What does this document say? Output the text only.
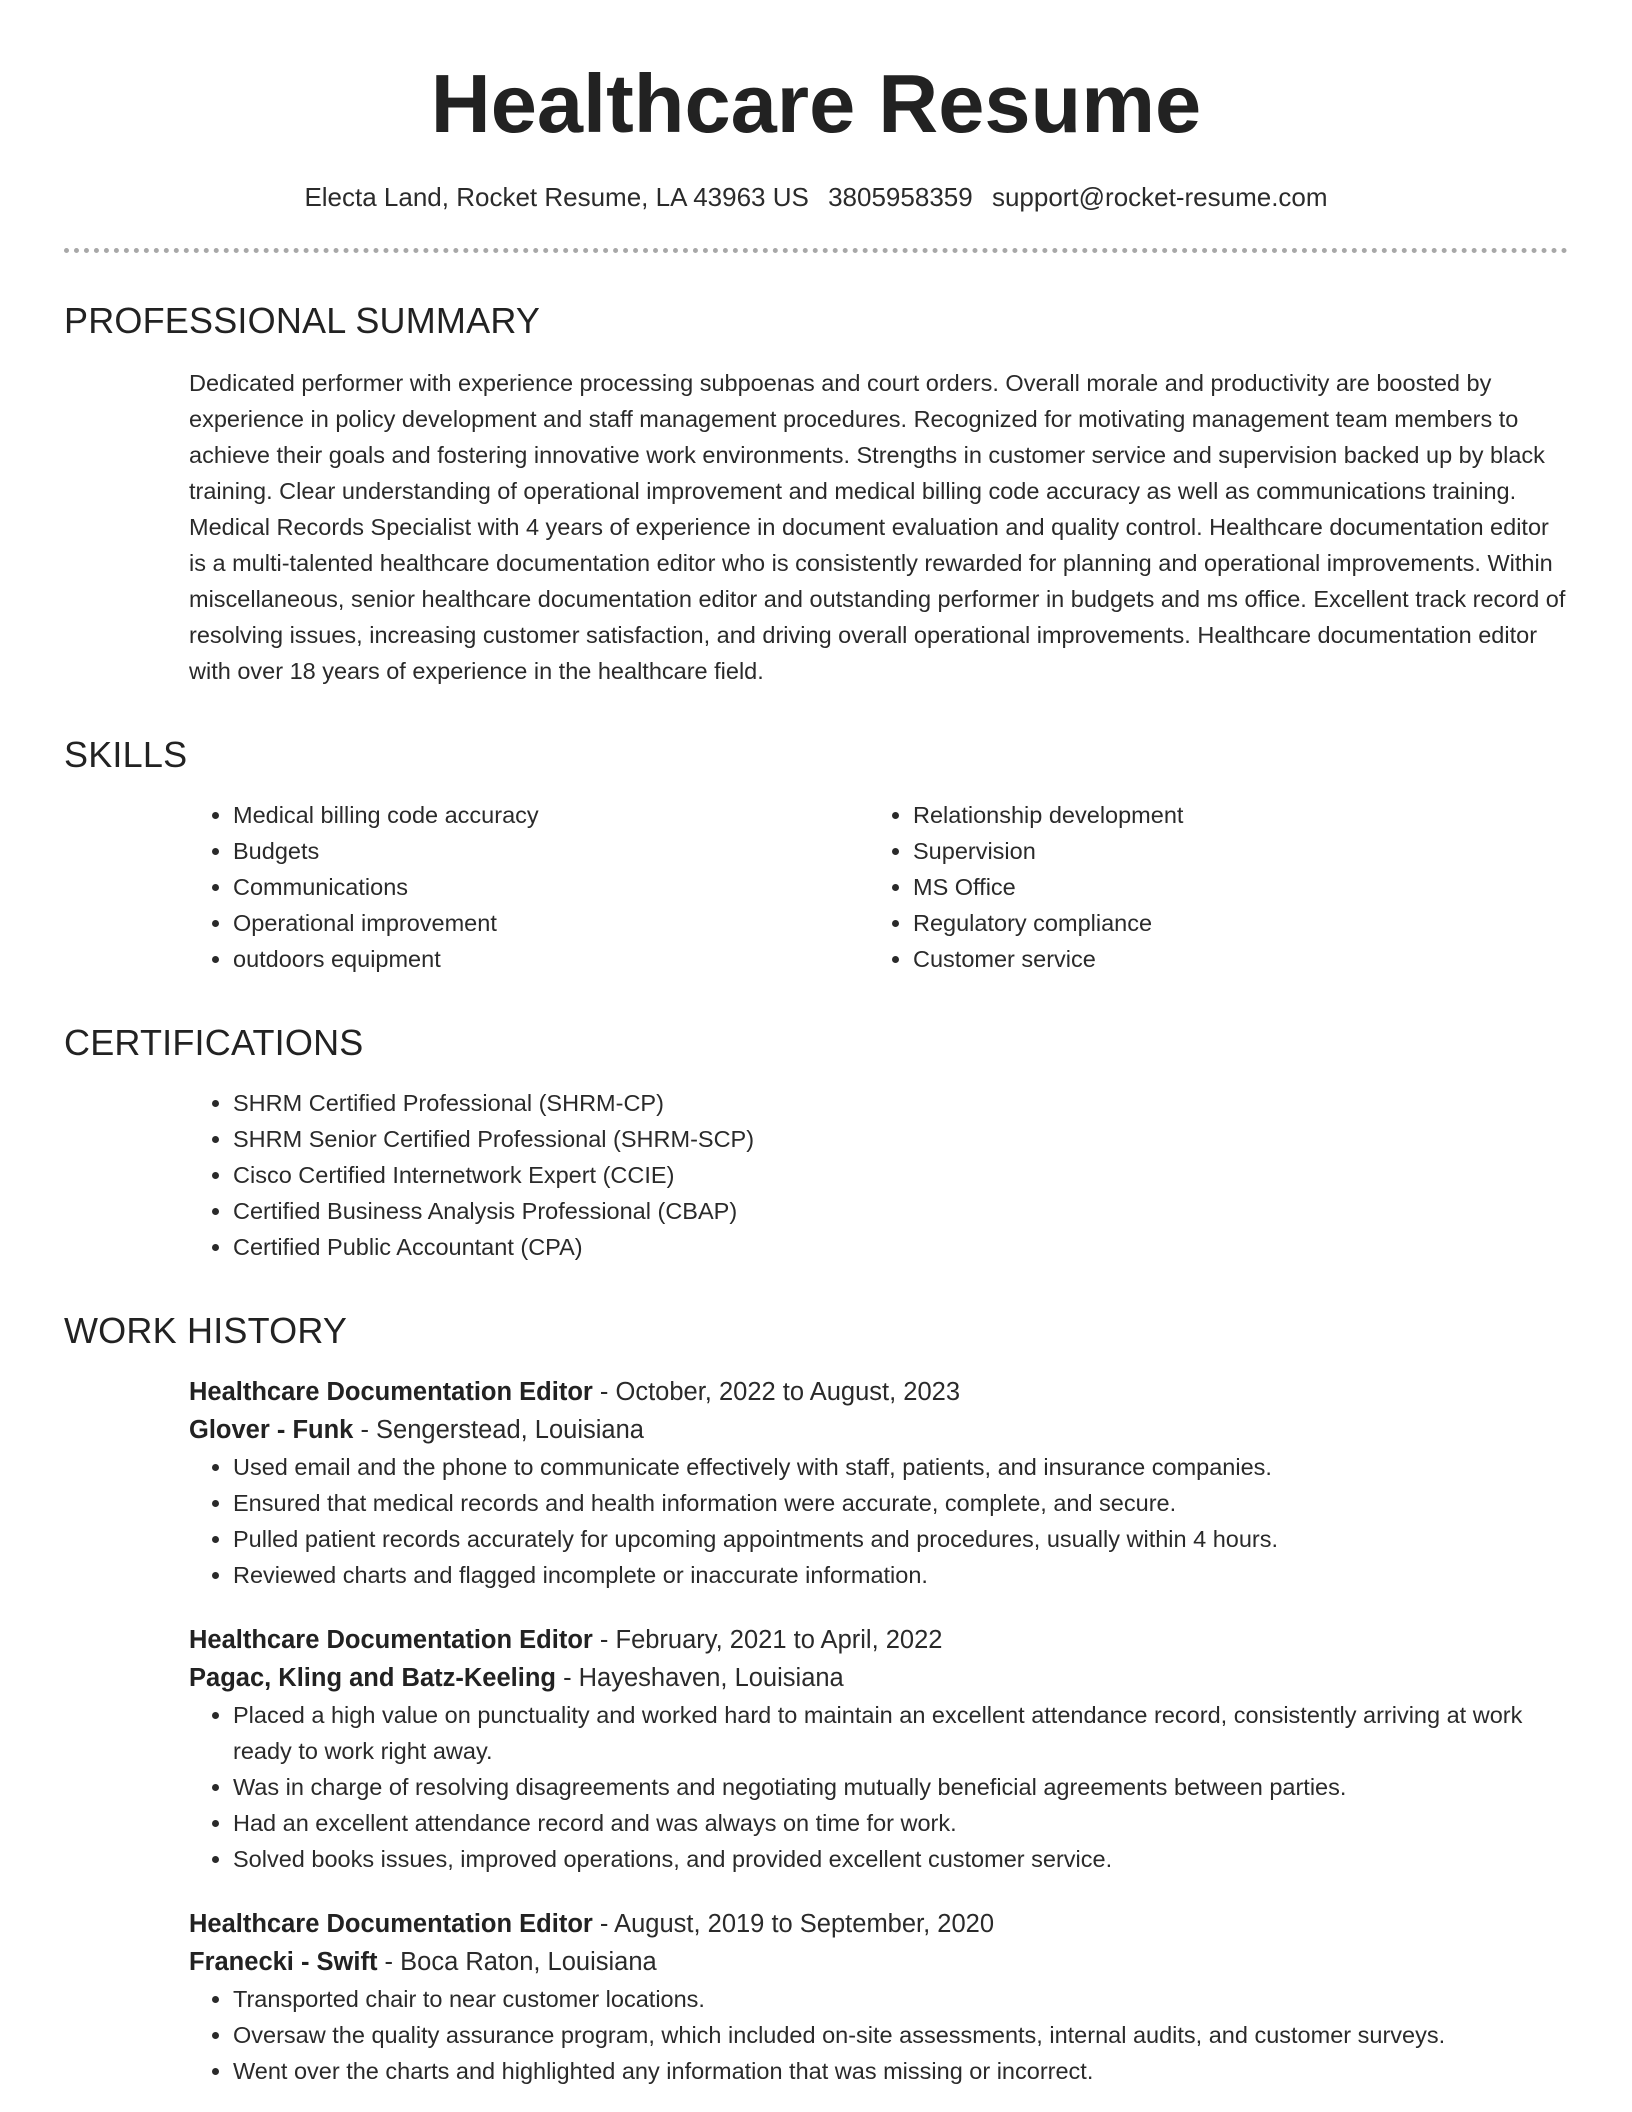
Healthcare Resume
Electa Land, Rocket Resume, LA 43963 US 3805958359 support@rocket-resume.com
PROFESSIONAL SUMMARY
Dedicated performer with experience processing subpoenas and court orders. Overall morale and productivity are boosted by experience in policy development and staff management procedures. Recognized for motivating management team members to achieve their goals and fostering innovative work environments. Strengths in customer service and supervision backed up by black training. Clear understanding of operational improvement and medical billing code accuracy as well as communications training. Medical Records Specialist with 4 years of experience in document evaluation and quality control. Healthcare documentation editor is a multi-talented healthcare documentation editor who is consistently rewarded for planning and operational improvements. Within miscellaneous, senior healthcare documentation editor and outstanding performer in budgets and ms office. Excellent track record of resolving issues, increasing customer satisfaction, and driving overall operational improvements. Healthcare documentation editor with over 18 years of experience in the healthcare field.
SKILLS
• Medical billing code accuracy
• Budgets
• Communications
• Operational improvement
• outdoors equipment
• Relationship development
• Supervision
• MS Office
• Regulatory compliance
• Customer service
CERTIFICATIONS
• SHRM Certified Professional (SHRM-CP)
• SHRM Senior Certified Professional (SHRM-SCP)
• Cisco Certified Internetwork Expert (CCIE)
• Certified Business Analysis Professional (CBAP)
• Certified Public Accountant (CPA)
WORK HISTORY
Healthcare Documentation Editor - October, 2022 to August, 2023
Glover - Funk - Sengerstead, Louisiana
• Used email and the phone to communicate effectively with staff, patients, and insurance companies.
• Ensured that medical records and health information were accurate, complete, and secure.
• Pulled patient records accurately for upcoming appointments and procedures, usually within 4 hours.
• Reviewed charts and flagged incomplete or inaccurate information.
Healthcare Documentation Editor - February, 2021 to April, 2022
Pagac, Kling and Batz-Keeling - Hayeshaven, Louisiana
• Placed a high value on punctuality and worked hard to maintain an excellent attendance record, consistently arriving at work ready to work right away.
• Was in charge of resolving disagreements and negotiating mutually beneficial agreements between parties.
• Had an excellent attendance record and was always on time for work.
• Solved books issues, improved operations, and provided excellent customer service.
Healthcare Documentation Editor - August, 2019 to September, 2020
Franecki - Swift - Boca Raton, Louisiana
• Transported chair to near customer locations.
• Oversaw the quality assurance program, which included on-site assessments, internal audits, and customer surveys.
• Went over the charts and highlighted any information that was missing or incorrect.
